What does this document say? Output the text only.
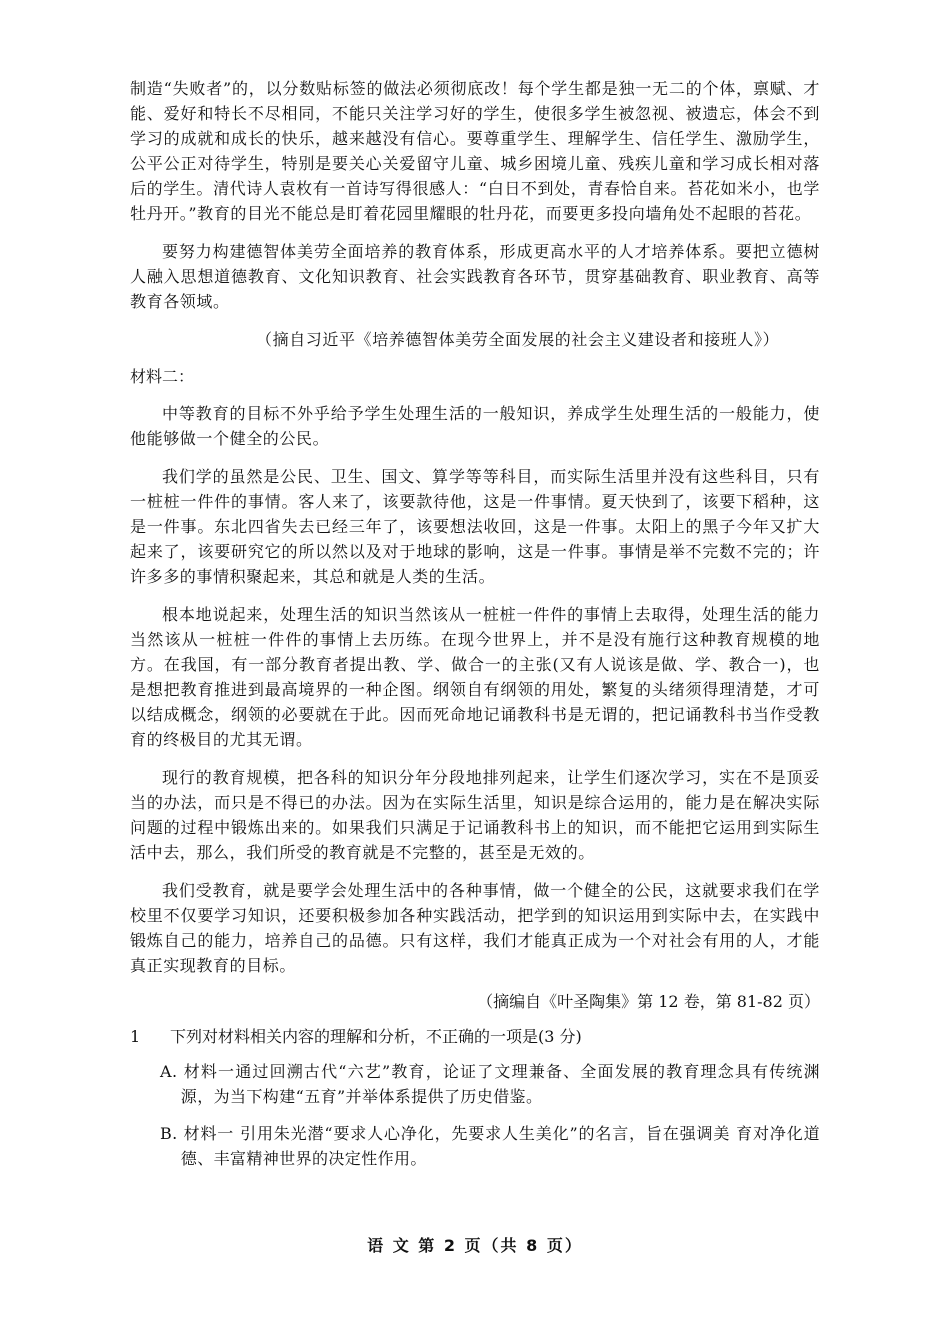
制造“失败者”的，以分数贴标签的做法必须彻底改！每个学生都是独一无二的个体，禀赋、才能、爱好和特长不尽相同，不能只关注学习好的学生，使很多学生被忽视、被遗忘，体会不到学习的成就和成长的快乐，越来越没有信心。要尊重学生、理解学生、信任学生、激励学生，公平公正对待学生，特别是要关心关爱留守儿童、城乡困境儿童、残疾儿童和学习成长相对落后的学生。清代诗人袁枚有一首诗写得很感人：“白日不到处，青春恰自来。苔花如米小，也学牡丹开。”教育的目光不能总是盯着花园里耀眼的牡丹花，而要更多投向墙角处不起眼的苔花。

要努力构建德智体美劳全面培养的教育体系，形成更高水平的人才培养体系。要把立德树人融入思想道德教育、文化知识教育、社会实践教育各环节，贯穿基础教育、职业教育、高等教育各领域。

（摘自习近平《培养德智体美劳全面发展的社会主义建设者和接班人》）

材料二：

中等教育的目标不外乎给予学生处理生活的一般知识，养成学生处理生活的一般能力，使他能够做一个健全的公民。

我们学的虽然是公民、卫生、国文、算学等等科目，而实际生活里并没有这些科目，只有一桩桩一件件的事情。客人来了，该要款待他，这是一件事情。夏天快到了，该要下稻种，这是一件事。东北四省失去已经三年了，该要想法收回，这是一件事。太阳上的黑子今年又扩大起来了，该要研究它的所以然以及对于地球的影响，这是一件事。事情是举不完数不完的；许许多多的事情积聚起来，其总和就是人类的生活。

根本地说起来，处理生活的知识当然该从一桩桩一件件的事情上去取得，处理生活的能力当然该从一桩桩一件件的事情上去历练。在现今世界上，并不是没有施行这种教育规模的地方。在我国，有一部分教育者提出教、学、做合一的主张(又有人说该是做、学、教合一)，也是想把教育推进到最高境界的一种企图。纲领自有纲领的用处，繁复的头绪须得理清楚，才可以结成概念，纲领的必要就在于此。因而死命地记诵教科书是无谓的，把记诵教科书当作受教育的终极目的尤其无谓。

现行的教育规模，把各科的知识分年分段地排列起来，让学生们逐次学习，实在不是顶妥当的办法，而只是不得已的办法。因为在实际生活里，知识是综合运用的，能力是在解决实际问题的过程中锻炼出来的。如果我们只满足于记诵教科书上的知识，而不能把它运用到实际生活中去，那么，我们所受的教育就是不完整的，甚至是无效的。

我们受教育，就是要学会处理生活中的各种事情，做一个健全的公民，这就要求我们在学校里不仅要学习知识，还要积极参加各种实践活动，把学到的知识运用到实际中去，在实践中锻炼自己的能力，培养自己的品德。只有这样，我们才能真正成为一个对社会有用的人，才能真正实现教育的目标。

（摘编自《叶圣陶集》第 12 卷，第 81-82 页）

1	下列对材料相关内容的理解和分析，不正确的一项是(3 分)

A. 材料一通过回溯古代“六艺”教育，论证了文理兼备、全面发展的教育理念具有传统渊源，为当下构建“五育”并举体系提供了历史借鉴。

B. 材料一 引用朱光潜“要求人心净化，先要求人生美化”的名言，旨在强调美 育对净化道德、丰富精神世界的决定性作用。

语 文 第 2 页（共 8 页）
